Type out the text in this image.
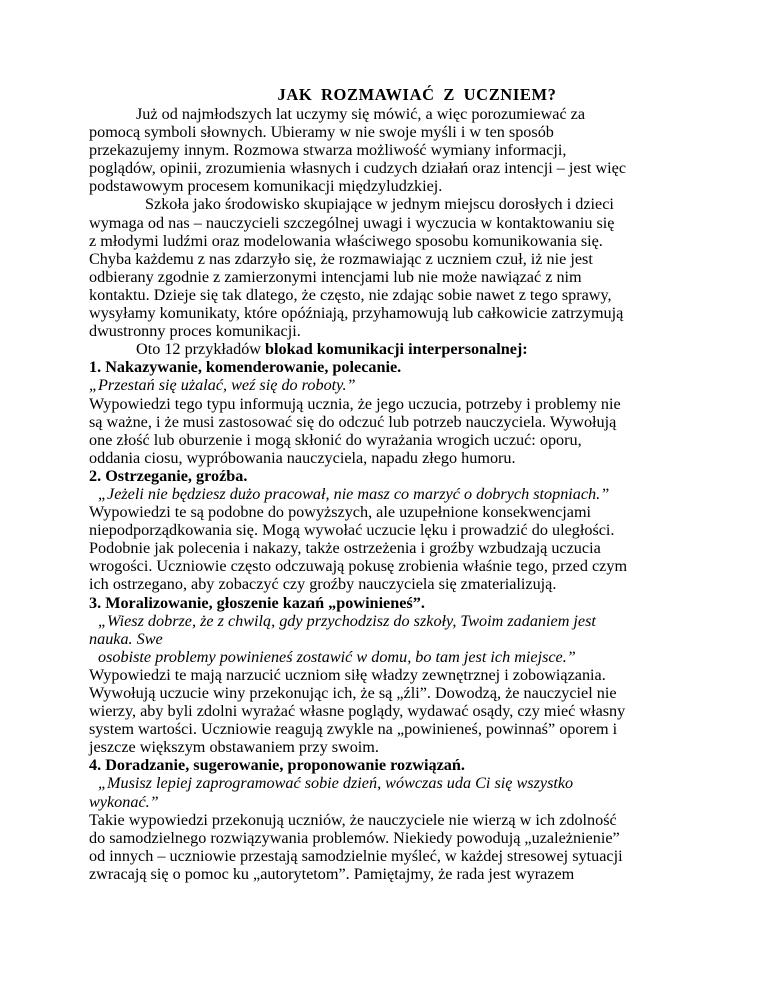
JAK ROZMAWIAĆ Z UCZNIEM?
Już od najmłodszych lat uczymy się mówić, a więc porozumiewać za
pomocą symboli słownych. Ubieramy w nie swoje myśli i w ten sposób
przekazujemy innym. Rozmowa stwarza możliwość wymiany informacji,
poglądów, opinii, zrozumienia własnych i cudzych działań oraz intencji – jest więc
podstawowym procesem komunikacji międzyludzkiej.
Szkoła jako środowisko skupiające w jednym miejscu dorosłych i dzieci
wymaga od nas – nauczycieli szczególnej uwagi i wyczucia w kontaktowaniu się
z młodymi ludźmi oraz modelowania właściwego sposobu komunikowania się.
Chyba każdemu z nas zdarzyło się, że rozmawiając z uczniem czuł, iż nie jest
odbierany zgodnie z zamierzonymi intencjami lub nie może nawiązać z nim
kontaktu. Dzieje się tak dlatego, że często, nie zdając sobie nawet z tego sprawy,
wysyłamy komunikaty, które opóźniają, przyhamowują lub całkowicie zatrzymują
dwustronny proces komunikacji.
Oto 12 przykładów blokad komunikacji interpersonalnej:
1. Nakazywanie, komenderowanie, polecanie.
„Przestań się użalać, weź się do roboty.”
Wypowiedzi tego typu informują ucznia, że jego uczucia, potrzeby i problemy nie
są ważne, i że musi zastosować się do odczuć lub potrzeb nauczyciela. Wywołują
one złość lub oburzenie i mogą skłonić do wyrażania wrogich uczuć: oporu,
oddania ciosu, wypróbowania nauczyciela, napadu złego humoru.
2. Ostrzeganie, groźba.
„Jeżeli nie będziesz dużo pracował, nie masz co marzyć o dobrych stopniach.”
Wypowiedzi te są podobne do powyższych, ale uzupełnione konsekwencjami
niepodporządkowania się. Mogą wywołać uczucie lęku i prowadzić do uległości.
Podobnie jak polecenia i nakazy, także ostrzeżenia i groźby wzbudzają uczucia
wrogości. Uczniowie często odczuwają pokusę zrobienia właśnie tego, przed czym
ich ostrzegano, aby zobaczyć czy groźby nauczyciela się zmaterializują.
3. Moralizowanie, głoszenie kazań „powinieneś”.
„Wiesz dobrze, że z chwilą, gdy przychodzisz do szkoły, Twoim zadaniem jest
nauka. Swe
osobiste problemy powinieneś zostawić w domu, bo tam jest ich miejsce.”
Wypowiedzi te mają narzucić uczniom siłę władzy zewnętrznej i zobowiązania.
Wywołują uczucie winy przekonując ich, że są „źli”. Dowodzą, że nauczyciel nie
wierzy, aby byli zdolni wyrażać własne poglądy, wydawać osądy, czy mieć własny
system wartości. Uczniowie reagują zwykle na „powinieneś, powinnaś” oporem i
jeszcze większym obstawaniem przy swoim.
4. Doradzanie, sugerowanie, proponowanie rozwiązań.
„Musisz lepiej zaprogramować sobie dzień, wówczas uda Ci się wszystko
wykonać.”
Takie wypowiedzi przekonują uczniów, że nauczyciele nie wierzą w ich zdolność
do samodzielnego rozwiązywania problemów. Niekiedy powodują „uzależnienie”
od innych – uczniowie przestają samodzielnie myśleć, w każdej stresowej sytuacji
zwracają się o pomoc ku „autorytetom”. Pamiętajmy, że rada jest wyrazem
